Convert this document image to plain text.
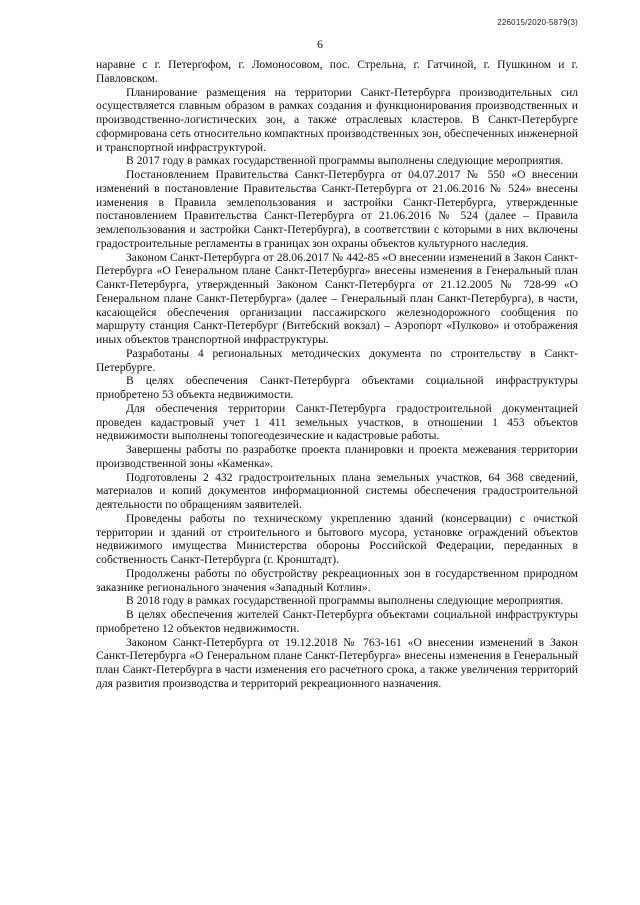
226015/2020-5879(3)
6

наравне с г. Петергофом, г. Ломоносовом, пос. Стрельна, г. Гатчиной, г. Пушкином и г. Павловском.

Планирование размещения на территории Санкт-Петербурга производительных сил осуществляется главным образом в рамках создания и функционирования производственных и производственно-логистических зон, а также отраслевых кластеров. В Санкт-Петербурге сформирована сеть относительно компактных производственных зон, обеспеченных инженерной и транспортной инфраструктурой.

В 2017 году в рамках государственной программы выполнены следующие мероприятия.

Постановлением Правительства Санкт-Петербурга от 04.07.2017 № 550 «О внесении изменений в постановление Правительства Санкт-Петербурга от 21.06.2016 № 524» внесены изменения в Правила землепользования и застройки Санкт-Петербурга, утвержденные постановлением Правительства Санкт-Петербурга от 21.06.2016 № 524 (далее – Правила землепользования и застройки Санкт-Петербурга), в соответствии с которыми в них включены градостроительные регламенты в границах зон охраны объектов культурного наследия.

Законом Санкт-Петербурга от 28.06.2017 № 442-85 «О внесении изменений в Закон Санкт-Петербурга «О Генеральном плане Санкт-Петербурга» внесены изменения в Генеральный план Санкт-Петербурга, утвержденный Законом Санкт-Петербурга от 21.12.2005 № 728-99 «О Генеральном плане Санкт-Петербурга» (далее – Генеральный план Санкт-Петербурга), в части, касающейся обеспечения организации пассажирского железнодорожного сообщения по маршруту станция Санкт-Петербург (Витебский вокзал) – Аэропорт «Пулково» и отображения иных объектов транспортной инфраструктуры.

Разработаны 4 региональных методических документа по строительству в Санкт-Петербурге.

В целях обеспечения Санкт-Петербурга объектами социальной инфраструктуры приобретено 53 объекта недвижимости.

Для обеспечения территории Санкт-Петербурга градостроительной документацией проведен кадастровый учет 1 411 земельных участков, в отношении 1 453 объектов недвижимости выполнены топогеодезические и кадастровые работы.

Завершены работы по разработке проекта планировки и проекта межевания территории производственной зоны «Каменка».

Подготовлены 2 432 градостроительных плана земельных участков, 64 368 сведений, материалов и копий документов информационной системы обеспечения градостроительной деятельности по обращениям заявителей.

Проведены работы по техническому укреплению зданий (консервации) с очисткой территории и зданий от строительного и бытового мусора, установке ограждений объектов недвижимого имущества Министерства обороны Российской Федерации, переданных в собственность Санкт-Петербурга (г. Кронштадт).

Продолжены работы по обустройству рекреационных зон в государственном природном заказнике регионального значения «Западный Котлин».

В 2018 году в рамках государственной программы выполнены следующие мероприятия.

В целях обеспечения жителей Санкт-Петербурга объектами социальной инфраструктуры приобретено 12 объектов недвижимости.

Законом Санкт-Петербурга от 19.12.2018 № 763-161 «О внесении изменений в Закон Санкт-Петербурга «О Генеральном плане Санкт-Петербурга» внесены изменения в Генеральный план Санкт-Петербурга в части изменения его расчетного срока, а также увеличения территорий для развития производства и территорий рекреационного назначения.
